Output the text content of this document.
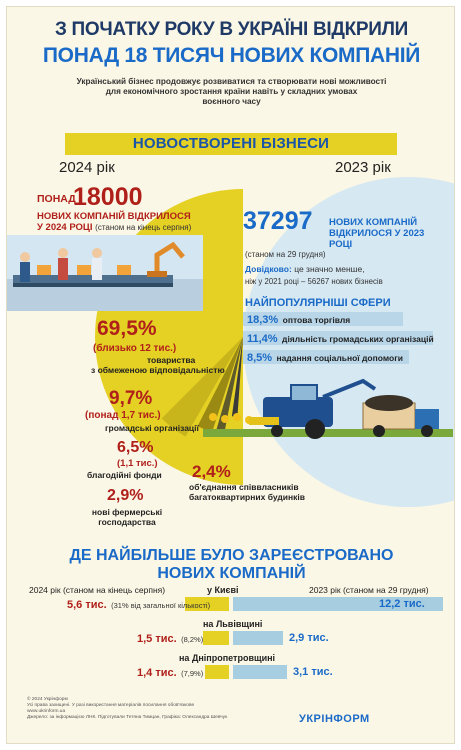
З ПОЧАТКУ РОКУ В УКРАЇНІ ВІДКРИЛИ
ПОНАД 18 ТИСЯЧ НОВИХ КОМПАНІЙ
Український бізнес продовжує розвиватися та створювати нові можливості
для економічного зростання країни навіть у складних умовах
воєнного часу
НОВОСТВОРЕНІ БІЗНЕСИ
2024 рік	2023 рік
ПОНАД
18000
НОВИХ КОМПАНІЙ ВІДКРИЛОСЯ
У 2024 РОЦІ (станом на кінець серпня)	37297 НОВИХ КОМПАНІЙ
ВІДКРИЛОСЯ У 2023 РОЦІ
(станом на 29 грудня)
Довідково: це значно менше,
ніж у 2021 році – 56267 нових бізнесів
НАЙПОПУЛЯРНІШІ СФЕРИ
18,3% оптова торгівля
11,4% діяльність громадських організацій
8,5% надання соціальної допомоги
69,5%
(близько 12 тис.)
товариства
з обмеженою відповідальністю
9,7%
(понад 1,7 тис.)
громадські організації
6,5%
(1,1 тис.)
благодійні фонди
2,9%
нові фермерські
господарства
2,4%
об'єднання співвласників
багатоквартирних будинків
ДЕ НАЙБІЛЬШЕ БУЛО ЗАРЕЄСТРОВАНО
НОВИХ КОМПАНІЙ
2024 рік (станом на кінець серпня)	2023 рік (станом на 29 грудня)
у Києві
5,6 тис. (31% від загальної кількості)	12,2 тис.
на Львівщині
1,5 тис. (8,2%)	2,9 тис.
на Дніпропетровщині
1,4 тис. (7,9%)	3,1 тис.
© 2024 Укрінформ
Усі права захищені. У разі використання матеріалів посилання обов'язкове
www.ukrinform.ua
Джерело: за інформацією ЛНК. Підготували Тетяна Тимцан, Графіка: Олександра Шевчук	УКРІНФОРМ
